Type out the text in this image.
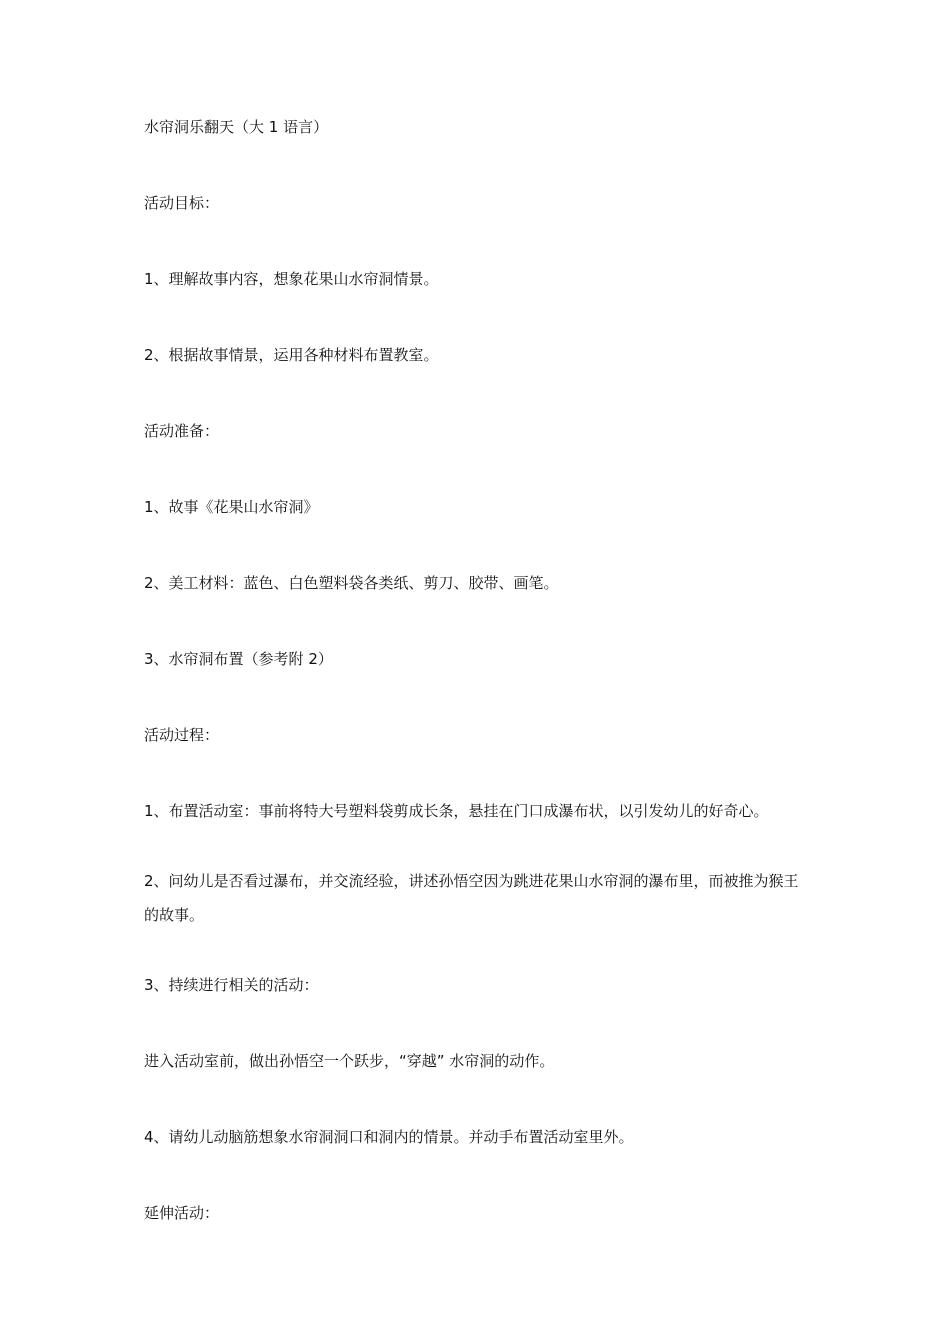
水帘洞乐翻天（大 1 语言）

活动目标：

1、理解故事内容，想象花果山水帘洞情景。

2、根据故事情景，运用各种材料布置教室。

活动准备：

1、故事《花果山水帘洞》

2、美工材料：蓝色、白色塑料袋各类纸、剪刀、胶带、画笔。

3、水帘洞布置（参考附 2）

活动过程：

1、布置活动室：事前将特大号塑料袋剪成长条，悬挂在门口成瀑布状，以引发幼儿的好奇心。

2、问幼儿是否看过瀑布，并交流经验，讲述孙悟空因为跳进花果山水帘洞的瀑布里，而被推为猴王的故事。

3、持续进行相关的活动：

进入活动室前，做出孙悟空一个跃步，“穿越” 水帘洞的动作。

4、请幼儿动脑筋想象水帘洞洞口和洞内的情景。并动手布置活动室里外。

延伸活动：
